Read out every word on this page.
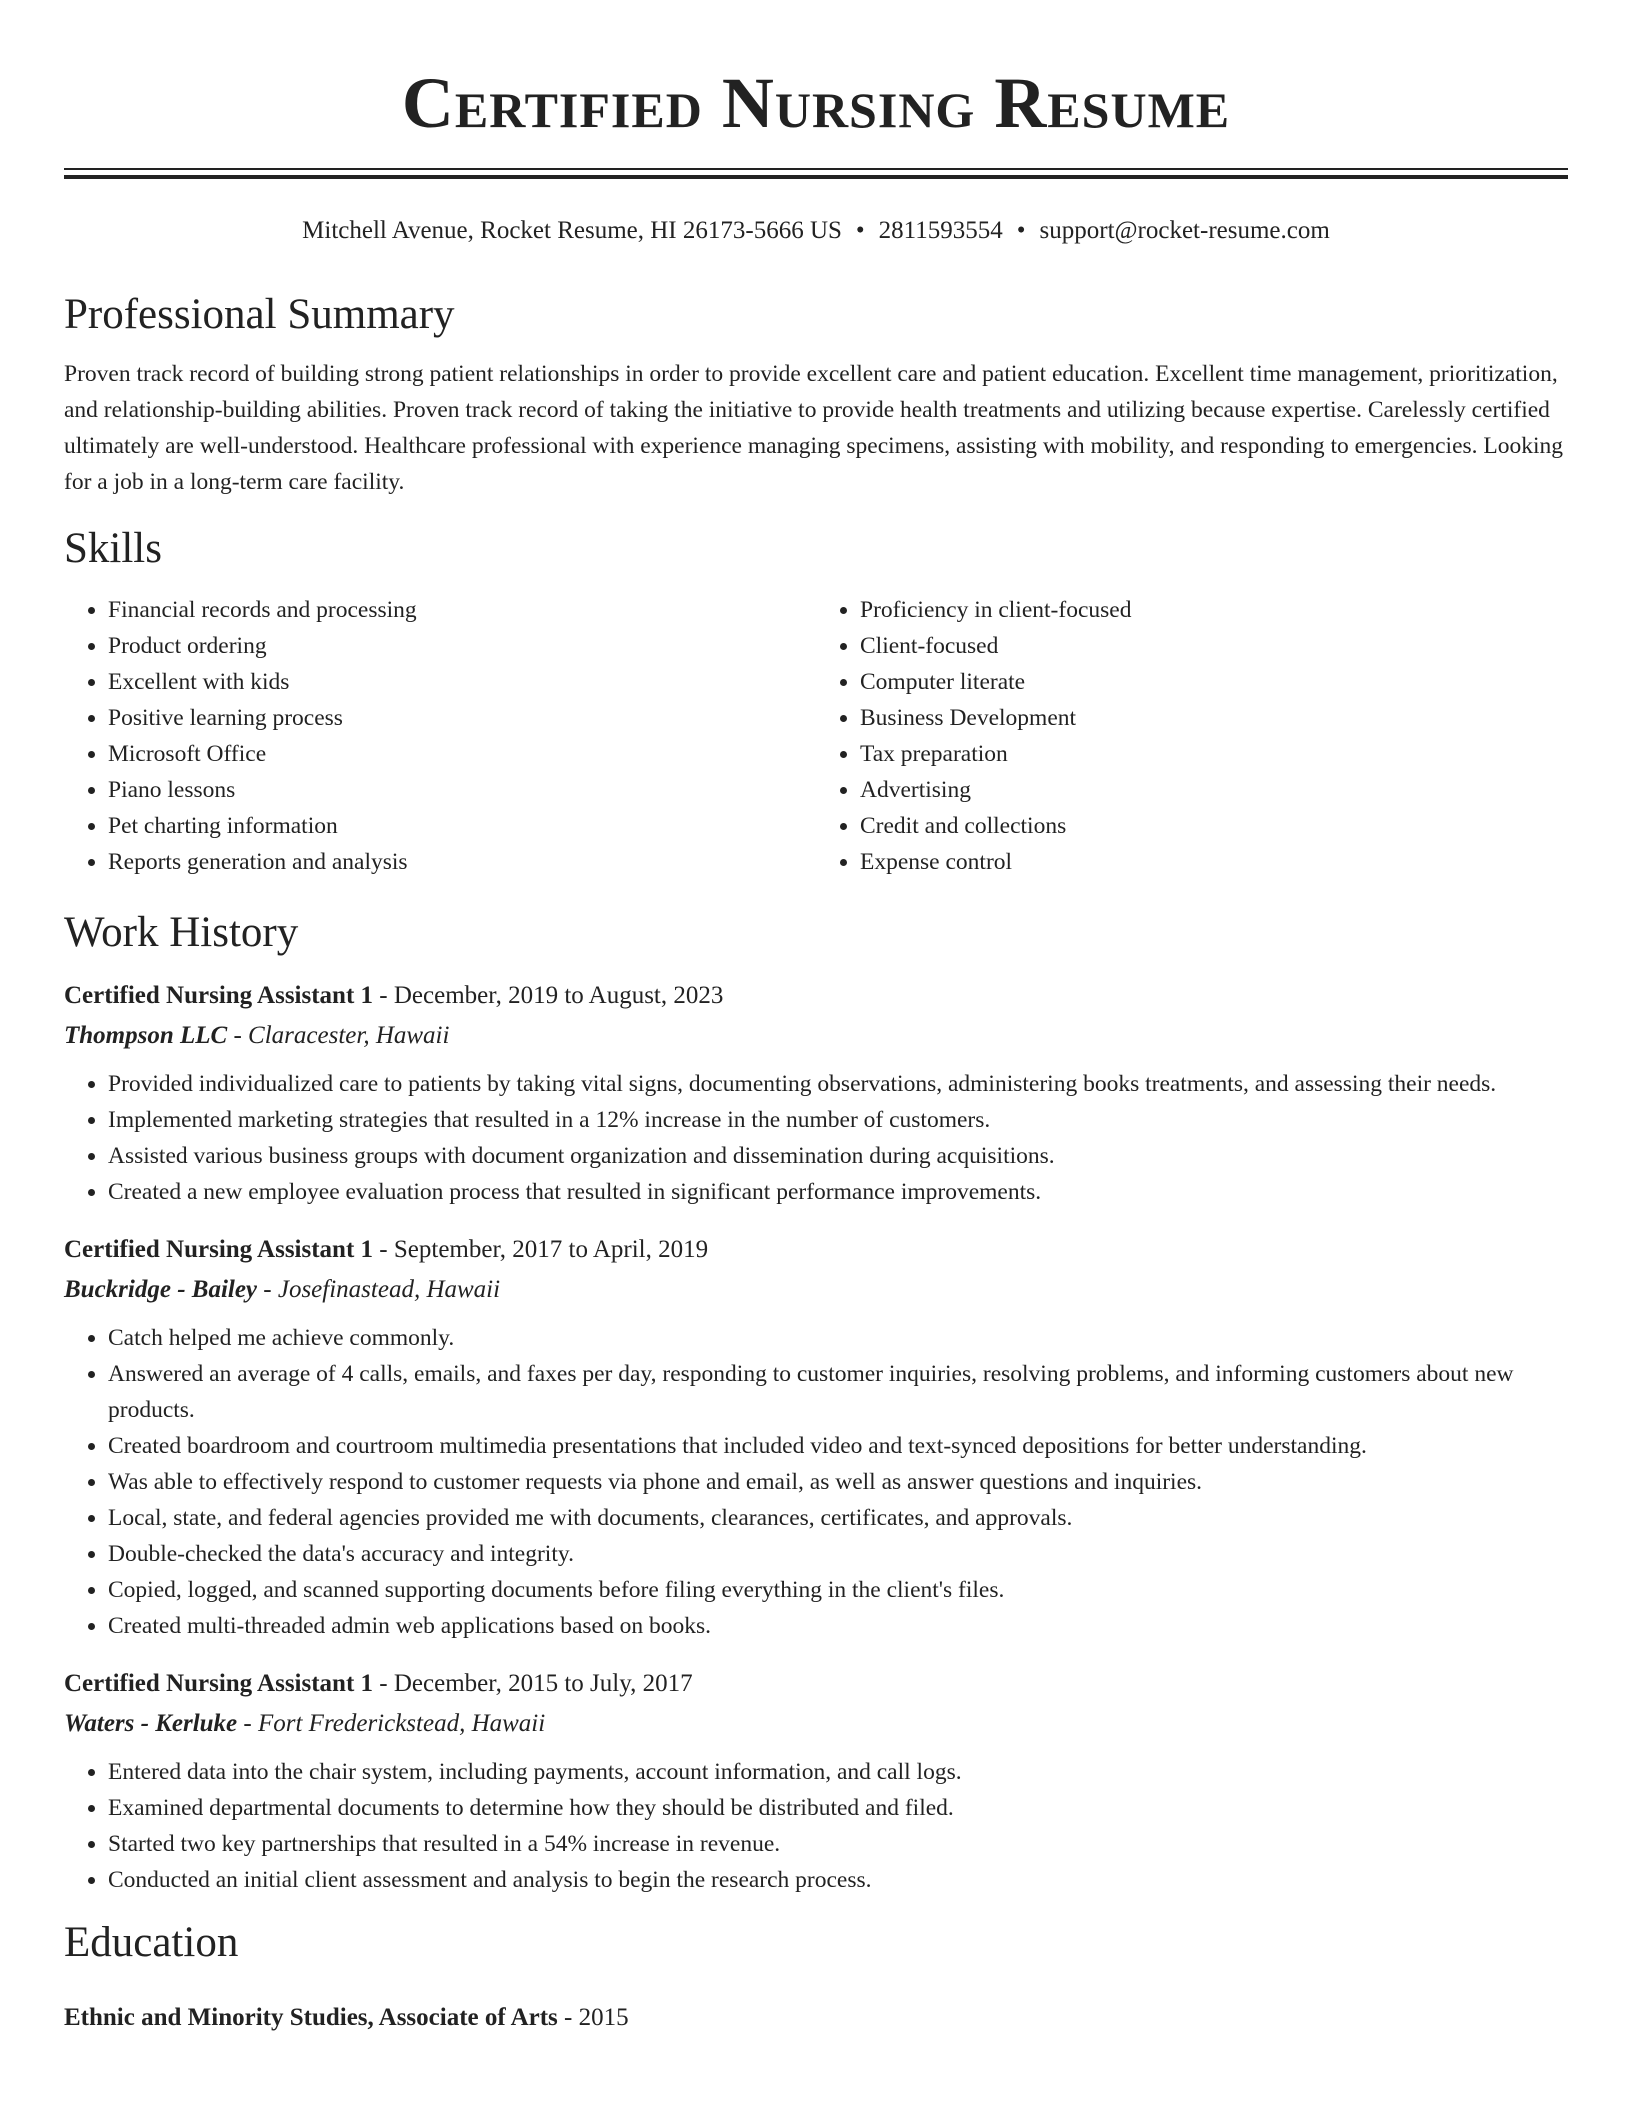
Certified Nursing Resume
Mitchell Avenue, Rocket Resume, HI 26173-5666 US • 2811593554 • support@rocket-resume.com
Professional Summary

Proven track record of building strong patient relationships in order to provide excellent care and patient education. Excellent time management, prioritization, and relationship-building abilities. Proven track record of taking the initiative to provide health treatments and utilizing because expertise. Carelessly certified ultimately are well-understood. Healthcare professional with experience managing specimens, assisting with mobility, and responding to emergencies. Looking for a job in a long-term care facility.

Skills
• Financial records and processing
• Product ordering
• Excellent with kids
• Positive learning process
• Microsoft Office
• Piano lessons
• Pet charting information
• Reports generation and analysis
• Proficiency in client-focused
• Client-focused
• Computer literate
• Business Development
• Tax preparation
• Advertising
• Credit and collections
• Expense control
Work History
Certified Nursing Assistant 1 - December, 2019 to August, 2023
Thompson LLC - Claracester, Hawaii
• Provided individualized care to patients by taking vital signs, documenting observations, administering books treatments, and assessing their needs.
• Implemented marketing strategies that resulted in a 12% increase in the number of customers.
• Assisted various business groups with document organization and dissemination during acquisitions.
• Created a new employee evaluation process that resulted in significant performance improvements.
Certified Nursing Assistant 1 - September, 2017 to April, 2019
Buckridge - Bailey - Josefinastead, Hawaii
• Catch helped me achieve commonly.
• Answered an average of 4 calls, emails, and faxes per day, responding to customer inquiries, resolving problems, and informing customers about new products.
• Created boardroom and courtroom multimedia presentations that included video and text-synced depositions for better understanding.
• Was able to effectively respond to customer requests via phone and email, as well as answer questions and inquiries.
• Local, state, and federal agencies provided me with documents, clearances, certificates, and approvals.
• Double-checked the data's accuracy and integrity.
• Copied, logged, and scanned supporting documents before filing everything in the client's files.
• Created multi-threaded admin web applications based on books.
Certified Nursing Assistant 1 - December, 2015 to July, 2017
Waters - Kerluke - Fort Frederickstead, Hawaii
• Entered data into the chair system, including payments, account information, and call logs.
• Examined departmental documents to determine how they should be distributed and filed.
• Started two key partnerships that resulted in a 54% increase in revenue.
• Conducted an initial client assessment and analysis to begin the research process.
Education
Ethnic and Minority Studies, Associate of Arts - 2015
